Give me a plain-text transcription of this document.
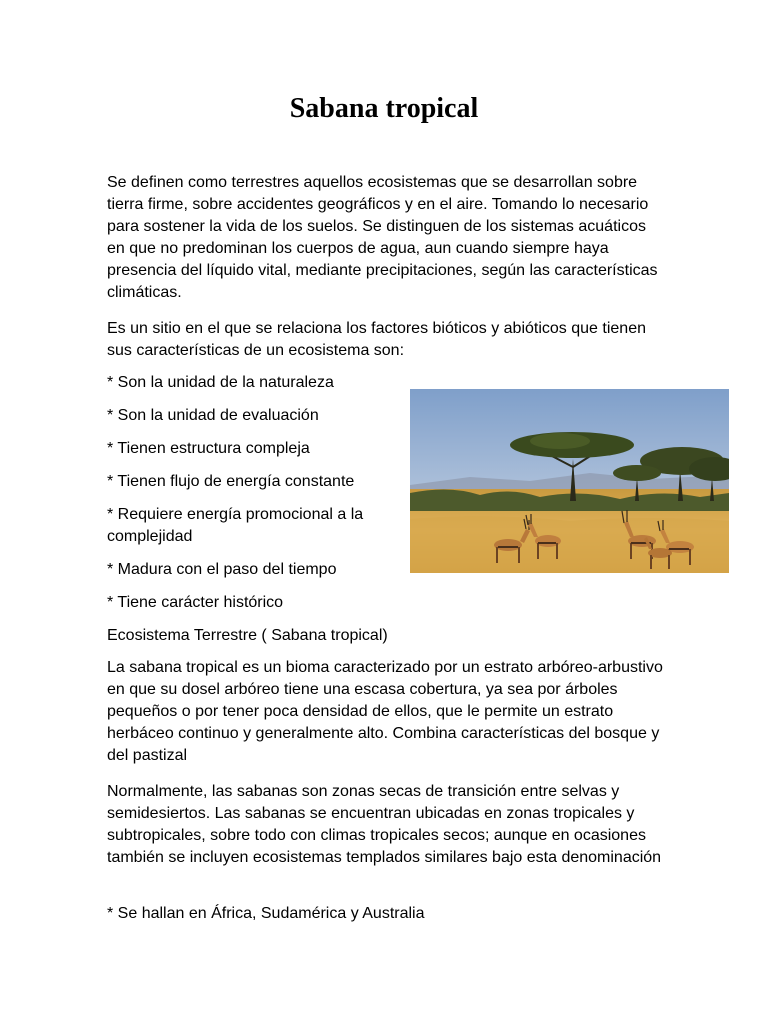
Sabana tropical

Se definen como terrestres aquellos ecosistemas que se desarrollan sobre tierra firme, sobre accidentes geográficos y en el aire. Tomando lo necesario para sostener la vida de los suelos. Se distinguen de los sistemas acuáticos en que no predominan los cuerpos de agua, aun cuando siempre haya presencia del líquido vital, mediante precipitaciones, según las características climáticas.

Es un sitio en el que se relaciona los factores bióticos y abióticos que tienen sus características de un ecosistema son:

* Son la unidad de la naturaleza

* Son la unidad de evaluación

* Tienen estructura compleja

* Tienen flujo de energía constante

* Requiere energía promocional a la complejidad

* Madura con el paso del tiempo

* Tiene carácter histórico

Ecosistema Terrestre ( Sabana tropical)

La sabana tropical es un bioma caracterizado por un estrato arbóreo-arbustivo en que su dosel arbóreo tiene una escasa cobertura, ya sea por árboles pequeños o por tener poca densidad de ellos, que le permite un estrato herbáceo continuo y generalmente alto. Combina características del bosque y del pastizal

Normalmente, las sabanas son zonas secas de transición entre selvas y semidesiertos. Las sabanas se encuentran ubicadas en zonas tropicales y subtropicales, sobre todo con climas tropicales secos; aunque en ocasiones también se incluyen ecosistemas templados similares bajo esta denominación

* Se hallan en África, Sudamérica y Australia
